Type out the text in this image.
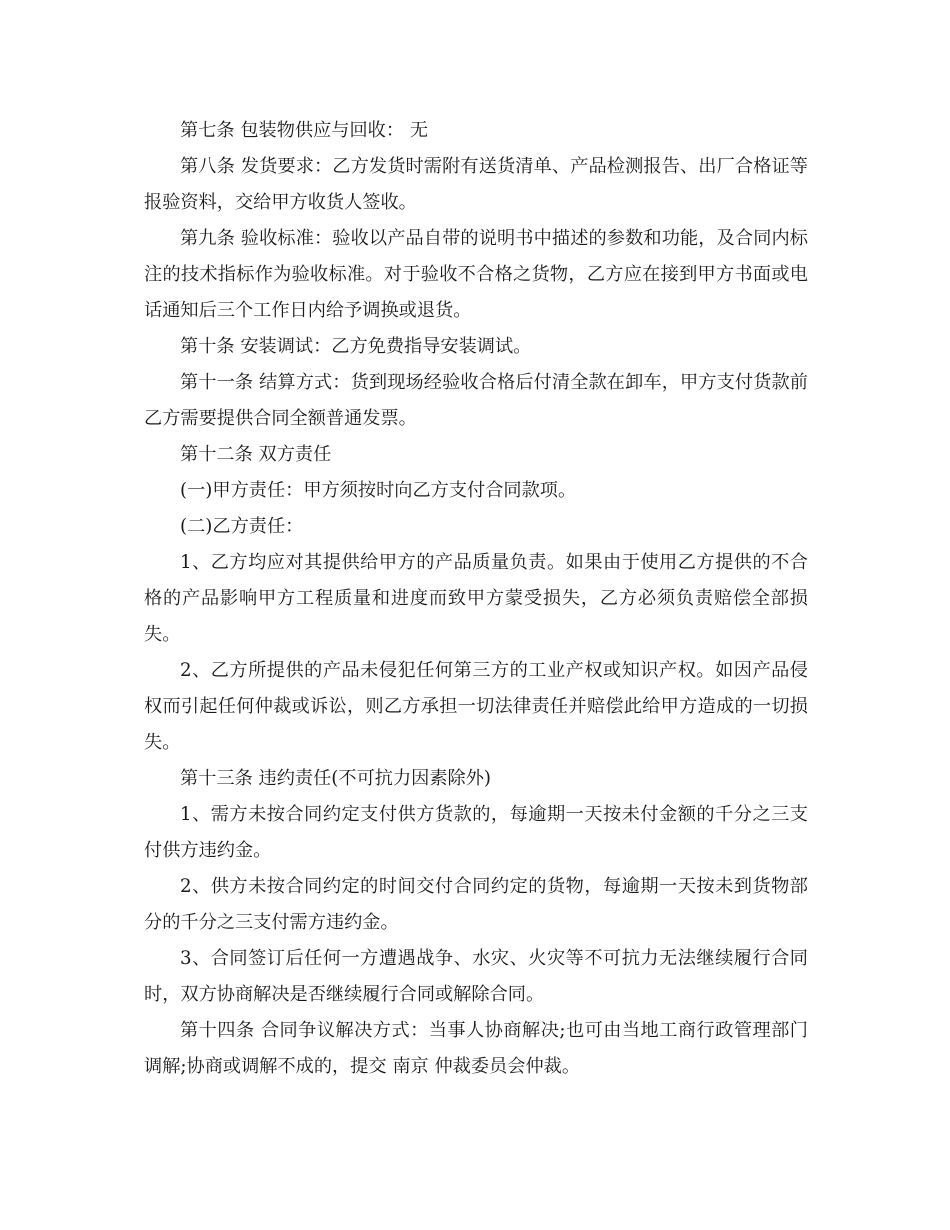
第七条 包装物供应与回收： 无

第八条 发货要求：乙方发货时需附有送货清单、产品检测报告、出厂合格证等报验资料，交给甲方收货人签收。

第九条 验收标准：验收以产品自带的说明书中描述的参数和功能，及合同内标注的技术指标作为验收标准。对于验收不合格之货物，乙方应在接到甲方书面或电话通知后三个工作日内给予调换或退货。

第十条 安装调试：乙方免费指导安装调试。

第十一条 结算方式：货到现场经验收合格后付清全款在卸车，甲方支付货款前乙方需要提供合同全额普通发票。

第十二条 双方责任

(一)甲方责任：甲方须按时向乙方支付合同款项。

(二)乙方责任：

1、乙方均应对其提供给甲方的产品质量负责。如果由于使用乙方提供的不合格的产品影响甲方工程质量和进度而致甲方蒙受损失，乙方必须负责赔偿全部损失。

2、乙方所提供的产品未侵犯任何第三方的工业产权或知识产权。如因产品侵权而引起任何仲裁或诉讼，则乙方承担一切法律责任并赔偿此给甲方造成的一切损失。

第十三条 违约责任(不可抗力因素除外)

1、需方未按合同约定支付供方货款的，每逾期一天按未付金额的千分之三支付供方违约金。

2、供方未按合同约定的时间交付合同约定的货物，每逾期一天按未到货物部分的千分之三支付需方违约金。

3、合同签订后任何一方遭遇战争、水灾、火灾等不可抗力无法继续履行合同时，双方协商解决是否继续履行合同或解除合同。

第十四条 合同争议解决方式：当事人协商解决;也可由当地工商行政管理部门调解;协商或调解不成的，提交 南京 仲裁委员会仲裁。
